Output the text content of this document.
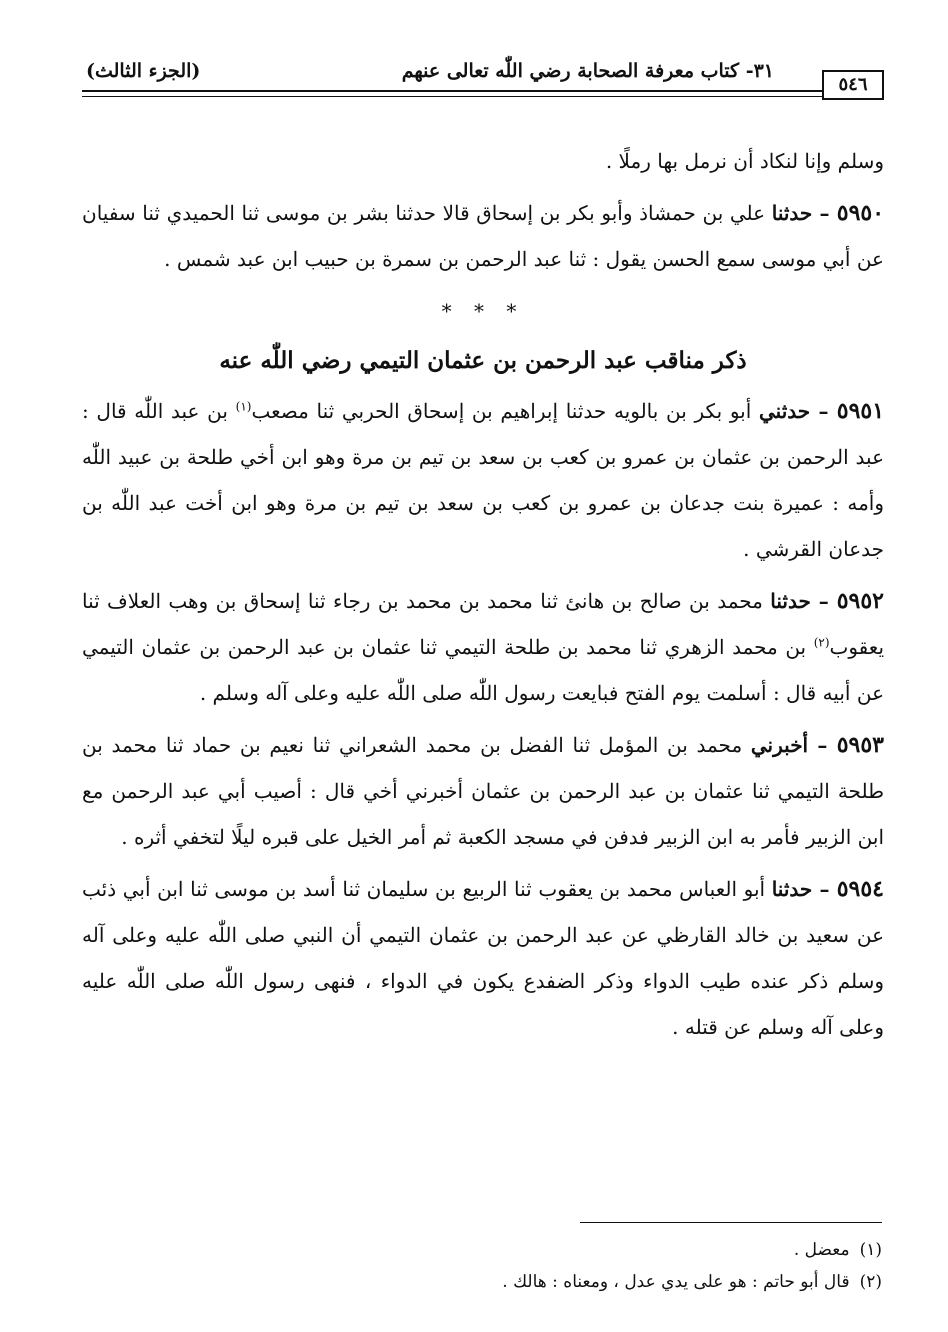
٥٤٦
٣١- كتاب معرفة الصحابة رضي اللّٰه تعالى عنهم
(الجزء الثالث)

وسلم وإنا لنكاد أن نرمل بها رملًا .

٥٩٥٠ – حدثنا علي بن حمشاذ وأبو بكر بن إسحاق قالا حدثنا بشر بن موسى ثنا الحميدي ثنا سفيان عن أبي موسى سمع الحسن يقول : ثنا عبد الرحمن بن سمرة بن حبيب ابن عبد شمس .

* * *

ذكر مناقب عبد الرحمن بن عثمان التيمي رضي اللّٰه عنه

٥٩٥١ – حدثني أبو بكر بن بالويه حدثنا إبراهيم بن إسحاق الحربي ثنا مصعب$^{(١)}$ بن عبد اللّٰه قال : عبد الرحمن بن عثمان بن عمرو بن كعب بن سعد بن تيم بن مرة وهو ابن أخي طلحة بن عبيد اللّٰه وأمه : عميرة بنت جدعان بن عمرو بن كعب بن سعد بن تيم بن مرة وهو ابن أخت عبد اللّٰه بن جدعان القرشي .

٥٩٥٢ – حدثنا محمد بن صالح بن هانئ ثنا محمد بن محمد بن رجاء ثنا إسحاق بن وهب العلاف ثنا يعقوب$^{(٢)}$ بن محمد الزهري ثنا محمد بن طلحة التيمي ثنا عثمان بن عبد الرحمن بن عثمان التيمي عن أبيه قال : أسلمت يوم الفتح فبايعت رسول اللّٰه صلى اللّٰه عليه وعلى آله وسلم .

٥٩٥٣ – أخبرني محمد بن المؤمل ثنا الفضل بن محمد الشعراني ثنا نعيم بن حماد ثنا محمد بن طلحة التيمي ثنا عثمان بن عبد الرحمن بن عثمان أخبرني أخي قال : أصيب أبي عبد الرحمن مع ابن الزبير فأمر به ابن الزبير فدفن في مسجد الكعبة ثم أمر الخيل على قبره ليلًا لتخفي أثره .

٥٩٥٤ – حدثنا أبو العباس محمد بن يعقوب ثنا الربيع بن سليمان ثنا أسد بن موسى ثنا ابن أبي ذئب عن سعيد بن خالد القارظي عن عبد الرحمن بن عثمان التيمي أن النبي صلى اللّٰه عليه وعلى آله وسلم ذكر عنده طيب الدواء وذكر الضفدع يكون في الدواء ، فنهى رسول اللّٰه صلى اللّٰه عليه وعلى آله وسلم عن قتله .

(١)معضل .

(٢)قال أبو حاتم : هو على يدي عدل ، ومعناه : هالك .
